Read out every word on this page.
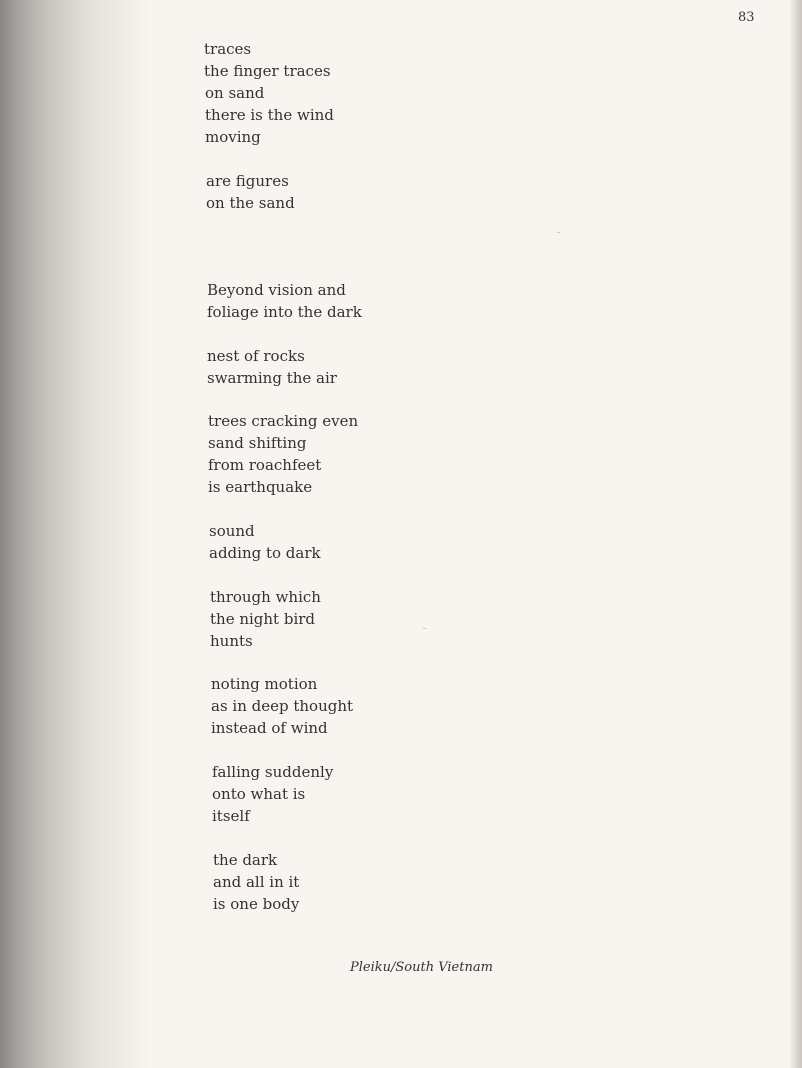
83
traces
the finger traces
on sand
there is the wind
moving
are figures
on the sand
Beyond vision and
foliage into the dark
nest of rocks
swarming the air
trees cracking even
sand shifting
from roachfeet
is earthquake
sound
adding to dark
through which
the night bird
hunts
noting motion
as in deep thought
instead of wind
falling suddenly
onto what is
itself
the dark
and all in it
is one body
Pleiku/South Vietnam
